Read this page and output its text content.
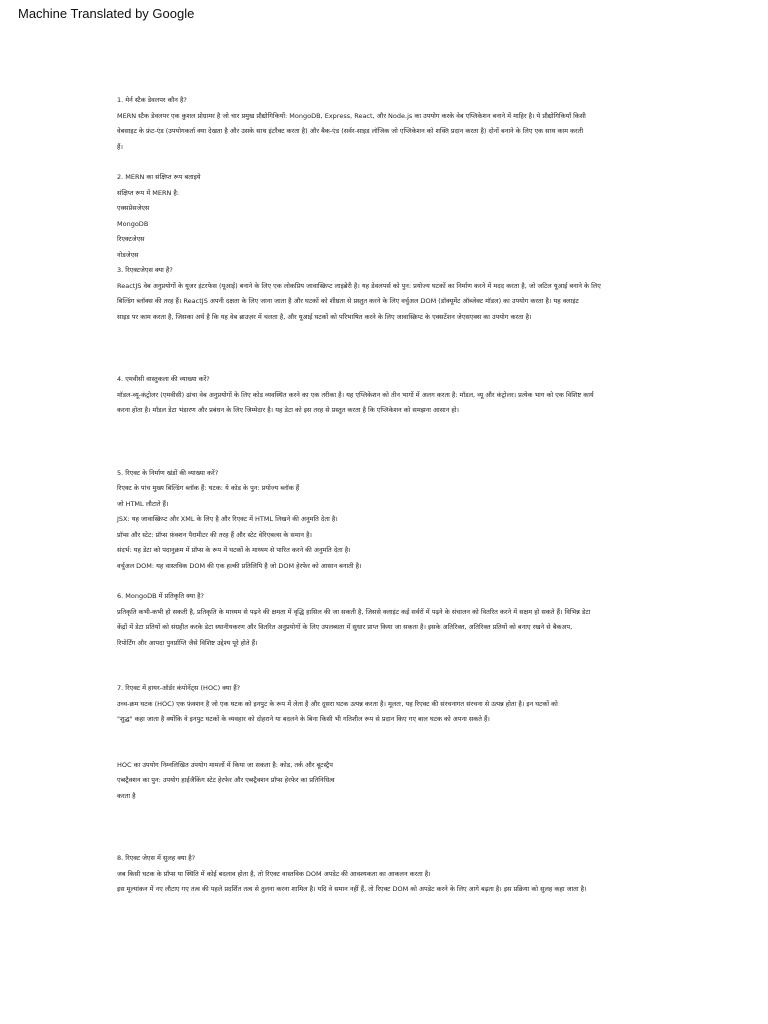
Machine Translated by Google
1. मेर्न स्टैक डेवलपर कौन है?
MERN स्टैक डेवलपर एक कुशल प्रोग्रामर है जो चार प्रमुख प्रौद्योगिकियों: MongoDB, Express, React, और Node.js का उपयोग करके वेब एप्लिकेशन बनाने में माहिर है। ये प्रौद्योगिकियाँ किसी
वेबसाइट के फ्रंट-एंड (उपयोगकर्ता क्या देखता है और उसके साथ इंटरैक्ट करता है) और बैक-एंड (सर्वर-साइड लॉजिक जो एप्लिकेशन को शक्ति प्रदान करता है) दोनों बनाने के लिए एक साथ काम करती
हैं।
2. MERN का संक्षिप्त रूप बताइये
संक्षिप्त रूप में MERN है:
एक्सप्रेसजेएस
MongoDB
रिएक्टजेएस
नोडजेएस
3. रिएक्टजेएस क्या है?
ReactJS वेब अनुप्रयोगों के यूजर इंटरफेस (यूआई) बनाने के लिए एक लोकप्रिय जावास्क्रिप्ट लाइब्रेरी है। यह डेवलपर्स को पुन: प्रयोज्य घटकों का निर्माण करने में मदद करता है, जो जटिल यूआई बनाने के लिए
बिल्डिंग ब्लॉक्स की तरह हैं। ReactJS अपनी दक्षता के लिए जाना जाता है और घटकों को शीघ्रता से प्रस्तुत करने के लिए वर्चुअल DOM (डॉक्यूमेंट ऑब्जेक्ट मॉडल) का उपयोग करता है। यह क्लाइंट
साइड पर काम करता है, जिसका अर्थ है कि यह वेब ब्राउज़र में चलता है, और यूआई घटकों को परिभाषित करने के लिए जावास्क्रिप्ट के एक्सटेंशन जेएसएक्स का उपयोग करता है।
4. एमवीसी वास्तुकला की व्याख्या करें?
मॉडल-व्यू-कंट्रोलर (एमवीसी) ढांचा वेब अनुप्रयोगों के लिए कोड व्यवस्थित करने का एक तरीका है। यह एप्लिकेशन को तीन भागों में अलग करता है: मॉडल, व्यू और कंट्रोलर। प्रत्येक भाग को एक विशिष्ट कार्य
करना होता है। मॉडल डेटा भंडारण और प्रबंधन के लिए जिम्मेदार है। यह डेटा को इस तरह से प्रस्तुत करता है कि एप्लिकेशन को समझना आसान हो।
5. रिएक्ट के निर्माण खंडों की व्याख्या करें?
रिएक्ट के पांच मुख्य बिल्डिंग ब्लॉक हैं: घटक: ये कोड के पुन: प्रयोज्य ब्लॉक हैं
जो HTML लौटाते हैं।
JSX: यह जावास्क्रिप्ट और XML के लिए है और रिएक्ट में HTML लिखने की अनुमति देता है।
प्रॉप्स और स्टेट: प्रॉप्स फ़ंक्शन पैरामीटर की तरह हैं और स्टेट वेरिएबल्स के समान है।
संदर्भ: यह डेटा को पदानुक्रम में प्रॉप्स के रूप में घटकों के माध्यम से पारित करने की अनुमति देता है।
वर्चुअल DOM: यह वास्तविक DOM की एक हल्की प्रतिलिपि है जो DOM हेरफेर को आसान बनाती है।
6. MongoDB में प्रतिकृति क्या है?
प्रतिकृति कभी-कभी हो सकती है, प्रतिकृति के माध्यम से पढ़ने की क्षमता में वृद्धि हासिल की जा सकती है, जिससे क्लाइंट कई सर्वरों में पढ़ने के संचालन को वितरित करने में सक्षम हो सकते हैं। विभिन्न डेटा
केंद्रों में डेटा प्रतियों को संग्रहीत करके डेटा स्थानीयकरण और वितरित अनुप्रयोगों के लिए उपलब्धता में सुधार प्राप्त किया जा सकता है। इसके अतिरिक्त, अतिरिक्त प्रतियों को बनाए रखने से बैकअप,
रिपोर्टिंग और आपदा पुनर्प्राप्ति जैसे विशिष्ट उद्देश्य पूरे होते हैं।
7. रिएक्ट में हायर-ऑर्डर कंपोनेंट्स (HOC) क्या हैं?
उच्च-क्रम घटक (HOC) एक फ़ंक्शन है जो एक घटक को इनपुट के रूप में लेता है और दूसरा घटक उत्पन्न करता है। मूलतः, यह रिएक्ट की संरचनागत संरचना से उत्पन्न होता है। इन घटकों को
"शुद्ध" कहा जाता है क्योंकि वे इनपुट घटकों के व्यवहार को दोहराने या बदलने के बिना किसी भी गतिशील रूप से प्रदान किए गए बाल घटक को अपना सकते हैं।
HOC का उपयोग निम्नलिखित उपयोग मामलों में किया जा सकता है: कोड, तर्क और बूटस्ट्रैप
एब्स्ट्रैक्शन का पुन: उपयोग हाईजैकिंग स्टेट हेरफेर और एब्स्ट्रैक्शन प्रॉप्स हेरफेर का प्रतिनिधित्व
करता है
8. रिएक्ट जेएस में सुलह क्या है?
जब किसी घटक के प्रॉप्स या स्थिति में कोई बदलाव होता है, तो रिएक्ट वास्तविक DOM अपडेट की आवश्यकता का आकलन करता है।
इस मूल्यांकन में नए लौटाए गए तत्व की पहले प्रदर्शित तत्व से तुलना करना शामिल है। यदि वे समान नहीं हैं, तो रिएक्ट DOM को अपडेट करने के लिए आगे बढ़ता है। इस प्रक्रिया को सुलह कहा जाता है।
